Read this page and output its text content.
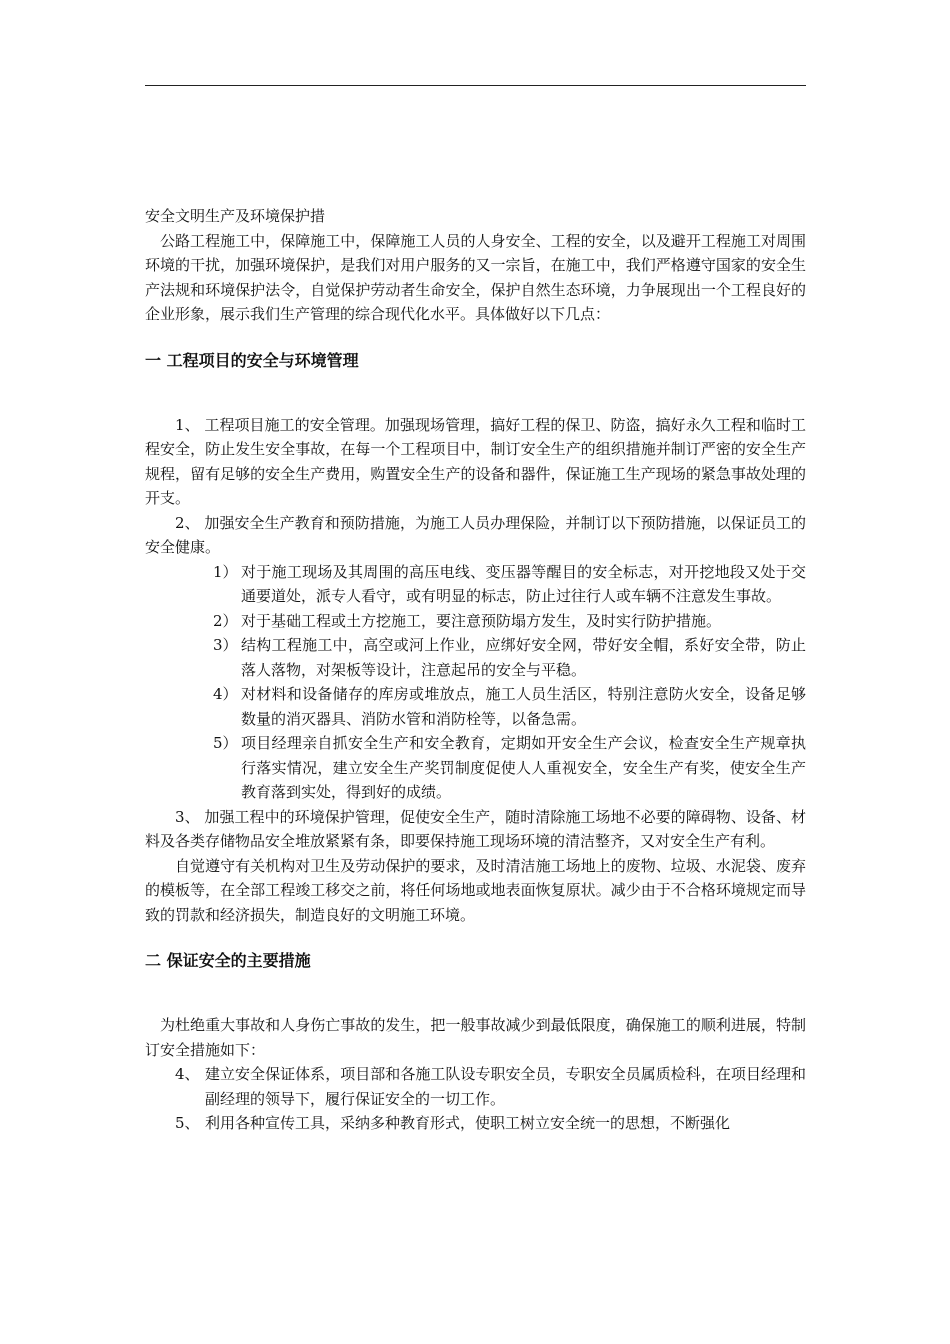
安全文明生产及环境保护措

公路工程施工中，保障施工中，保障施工人员的人身安全、工程的安全，以及避开工程施工对周围环境的干扰，加强环境保护，是我们对用户服务的又一宗旨，在施工中，我们严格遵守国家的安全生产法规和环境保护法令，自觉保护劳动者生命安全，保护自然生态环境，力争展现出一个工程良好的企业形象，展示我们生产管理的综合现代化水平。具体做好以下几点：

一 工程项目的安全与环境管理

1、 工程项目施工的安全管理。加强现场管理，搞好工程的保卫、防盗，搞好永久工程和临时工程安全，防止发生安全事故，在每一个工程项目中，制订安全生产的组织措施并制订严密的安全生产规程，留有足够的安全生产费用，购置安全生产的设备和器件，保证施工生产现场的紧急事故处理的开支。

2、 加强安全生产教育和预防措施，为施工人员办理保险，并制订以下预防措施，以保证员工的安全健康。

1） 对于施工现场及其周围的高压电线、变压器等醒目的安全标志，对开挖地段又处于交通要道处，派专人看守，或有明显的标志，防止过往行人或车辆不注意发生事故。
2） 对于基础工程或土方挖施工，要注意预防塌方发生，及时实行防护措施。
3） 结构工程施工中，高空或河上作业，应绑好安全网，带好安全帽，系好安全带，防止落人落物，对架板等设计，注意起吊的安全与平稳。
4） 对材料和设备储存的库房或堆放点，施工人员生活区，特别注意防火安全，设备足够数量的消灭器具、消防水管和消防栓等，以备急需。
5） 项目经理亲自抓安全生产和安全教育，定期如开安全生产会议，检查安全生产规章执行落实情况，建立安全生产奖罚制度促使人人重视安全，安全生产有奖，使安全生产教育落到实处，得到好的成绩。

3、 加强工程中的环境保护管理，促使安全生产，随时清除施工场地不必要的障碍物、设备、材料及各类存储物品安全堆放紧紧有条，即要保持施工现场环境的清洁整齐，又对安全生产有利。

自觉遵守有关机构对卫生及劳动保护的要求，及时清洁施工场地上的废物、垃圾、水泥袋、废弃的模板等，在全部工程竣工移交之前，将任何场地或地表面恢复原状。减少由于不合格环境规定而导致的罚款和经济损失，制造良好的文明施工环境。

二 保证安全的主要措施

为杜绝重大事故和人身伤亡事故的发生，把一般事故减少到最低限度，确保施工的顺利进展，特制订安全措施如下：

4、 建立安全保证体系，项目部和各施工队设专职安全员，专职安全员属质检科，在项目经理和副经理的领导下，履行保证安全的一切工作。
5、 利用各种宣传工具，采纳多种教育形式，使职工树立安全统一的思想，不断强化
